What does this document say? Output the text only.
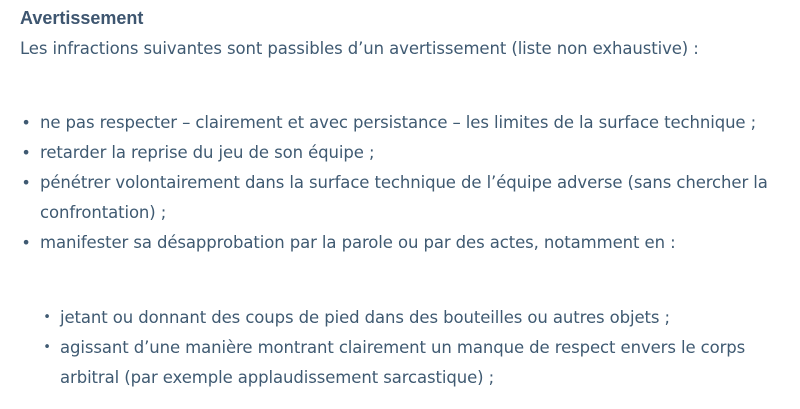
Avertissement
Les infractions suivantes sont passibles d’un avertissement (liste non exhaustive) :
• ne pas respecter – clairement et avec persistance – les limites de la surface technique ;
• retarder la reprise du jeu de son équipe ;
• pénétrer volontairement dans la surface technique de l’équipe adverse (sans chercher la confrontation) ;
• manifester sa désapprobation par la parole ou par des actes, notamment en :
• jetant ou donnant des coups de pied dans des bouteilles ou autres objets ;
• agissant d’une manière montrant clairement un manque de respect envers le corps arbitral (par exemple applaudissement sarcastique) ;
